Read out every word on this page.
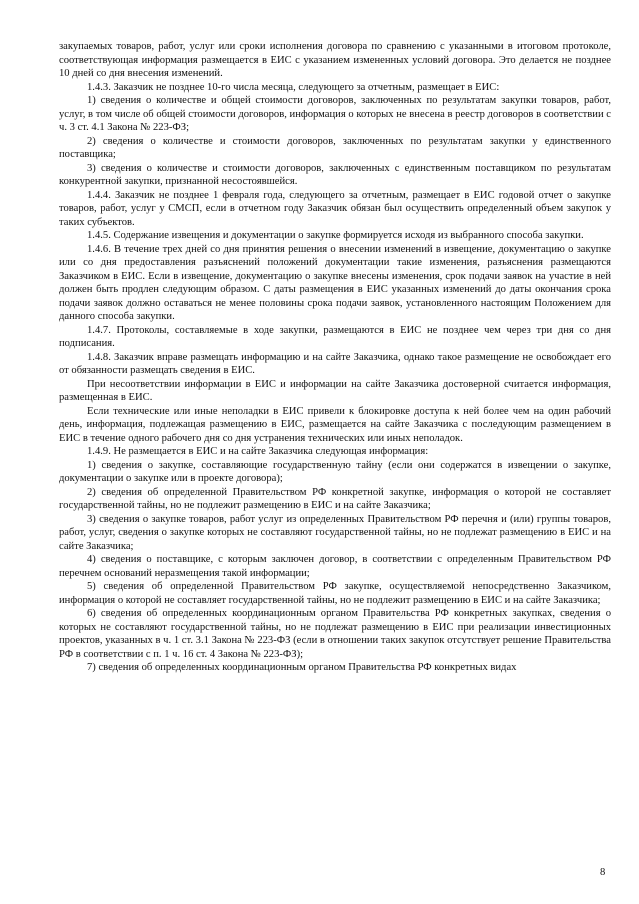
закупаемых товаров, работ, услуг или сроки исполнения договора по сравнению с указанными в итоговом протоколе, соответствующая информация размещается в ЕИС с указанием измененных условий договора. Это делается не позднее 10 дней со дня внесения изменений.

1.4.3. Заказчик не позднее 10-го числа месяца, следующего за отчетным, размещает в ЕИС:

1) сведения о количестве и общей стоимости договоров, заключенных по результатам закупки товаров, работ, услуг, в том числе об общей стоимости договоров, информация о которых не внесена в реестр договоров в соответствии с ч. 3 ст. 4.1 Закона № 223-ФЗ;

2) сведения о количестве и стоимости договоров, заключенных по результатам закупки у единственного поставщика;

3) сведения о количестве и стоимости договоров, заключенных с единственным поставщиком по результатам конкурентной закупки, признанной несостоявшейся.

1.4.4. Заказчик не позднее 1 февраля года, следующего за отчетным, размещает в ЕИС годовой отчет о закупке товаров, работ, услуг у СМСП, если в отчетном году Заказчик обязан был осуществить определенный объем закупок у таких субъектов.

1.4.5. Содержание извещения и документации о закупке формируется исходя из выбранного способа закупки.

1.4.6. В течение трех дней со дня принятия решения о внесении изменений в извещение, документацию о закупке или со дня предоставления разъяснений положений документации такие изменения, разъяснения размещаются Заказчиком в ЕИС. Если в извещение, документацию о закупке внесены изменения, срок подачи заявок на участие в ней должен быть продлен следующим образом. С даты размещения в ЕИС указанных изменений до даты окончания срока подачи заявок должно оставаться не менее половины срока подачи заявок, установленного настоящим Положением для данного способа закупки.

1.4.7. Протоколы, составляемые в ходе закупки, размещаются в ЕИС не позднее чем через три дня со дня подписания.

1.4.8. Заказчик вправе размещать информацию и на сайте Заказчика, однако такое размещение не освобождает его от обязанности размещать сведения в ЕИС.

При несоответствии информации в ЕИС и информации на сайте Заказчика достоверной считается информация, размещенная в ЕИС.

Если технические или иные неполадки в ЕИС привели к блокировке доступа к ней более чем на один рабочий день, информация, подлежащая размещению в ЕИС, размещается на сайте Заказчика с последующим размещением в ЕИС в течение одного рабочего дня со дня устранения технических или иных неполадок.

1.4.9. Не размещается в ЕИС и на сайте Заказчика следующая информация:

1) сведения о закупке, составляющие государственную тайну (если они содержатся в извещении о закупке, документации о закупке или в проекте договора);

2) сведения об определенной Правительством РФ конкретной закупке, информация о которой не составляет государственной тайны, но не подлежит размещению в ЕИС и на сайте Заказчика;

3) сведения о закупке товаров, работ услуг из определенных Правительством РФ перечня и (или) группы товаров, работ, услуг, сведения о закупке которых не составляют государственной тайны, но не подлежат размещению в ЕИС и на сайте Заказчика;

4) сведения о поставщике, с которым заключен договор, в соответствии с определенным Правительством РФ перечнем оснований неразмещения такой информации;

5) сведения об определенной Правительством РФ закупке, осуществляемой непосредственно Заказчиком, информация о которой не составляет государственной тайны, но не подлежит размещению в ЕИС и на сайте Заказчика;

6) сведения об определенных координационным органом Правительства РФ конкретных закупках, сведения о которых не составляют государственной тайны, но не подлежат размещению в ЕИС при реализации инвестиционных проектов, указанных в ч. 1 ст. 3.1 Закона № 223-ФЗ (если в отношении таких закупок отсутствует решение Правительства РФ в соответствии с п. 1 ч. 16 ст. 4 Закона № 223-ФЗ);

7) сведения об определенных координационным органом Правительства РФ конкретных видах

8
